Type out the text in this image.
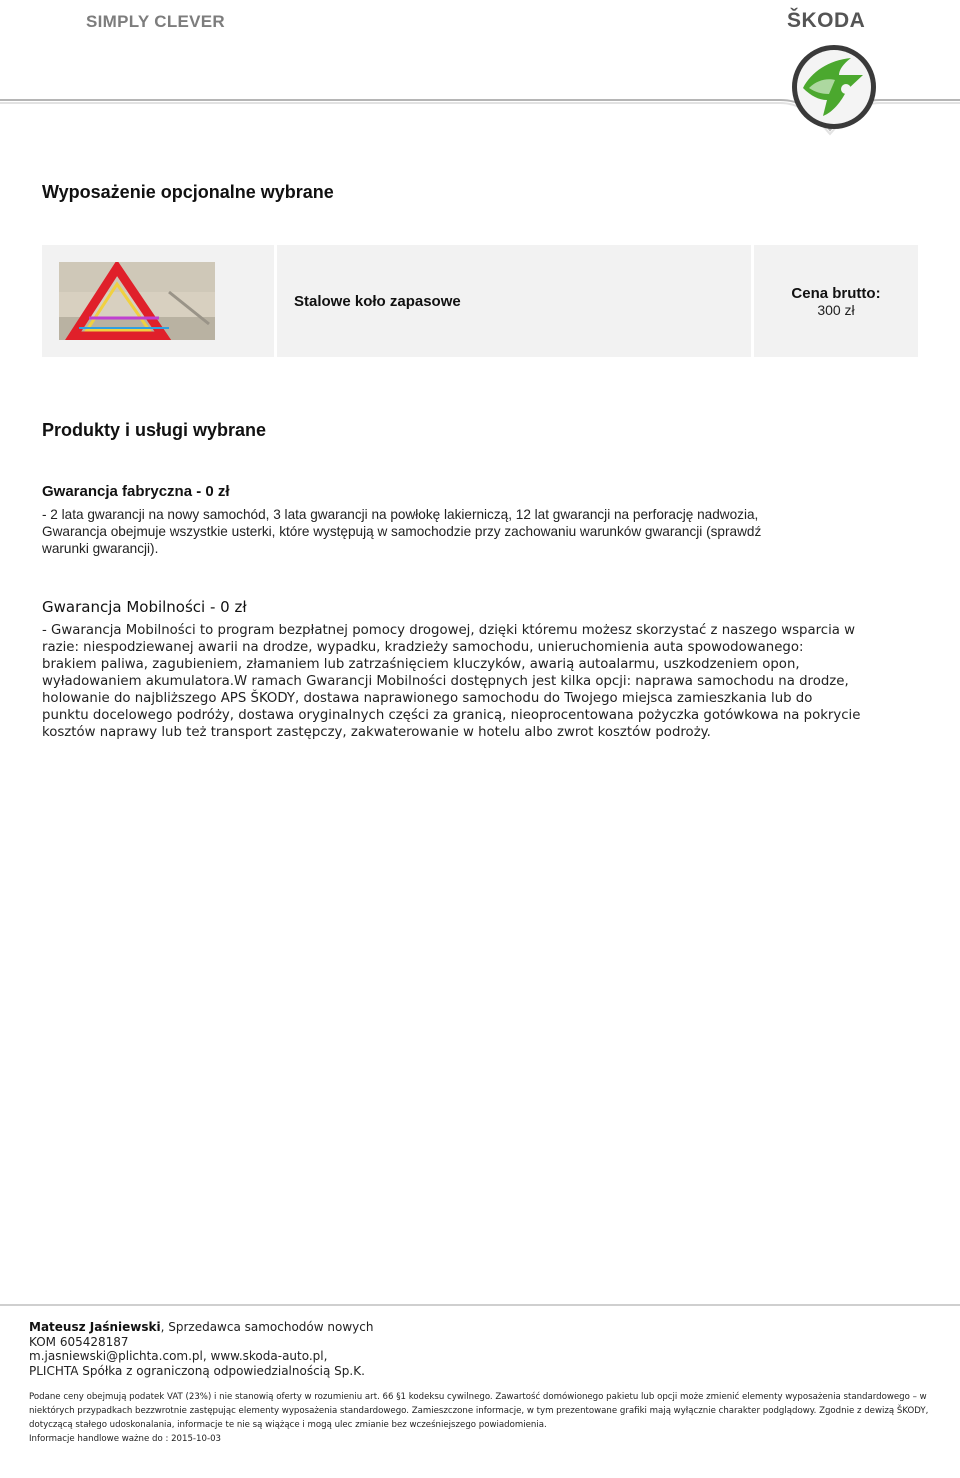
SIMPLY CLEVER	ŠKODA
Wyposażenie opcjonalne wybrane
Stalowe koło zapasowe	Cena brutto:
300 zł
Produkty i usługi wybrane
Gwarancja fabryczna - 0 zł

- 2 lata gwarancji na nowy samochód, 3 lata gwarancji na powłokę lakierniczą, 12 lat gwarancji na perforację nadwozia,
Gwarancja obejmuje wszystkie usterki, które występują w samochodzie przy zachowaniu warunków gwarancji (sprawdź
warunki gwarancji).

Gwarancja Mobilności - 0 zł

- Gwarancja Mobilności to program bezpłatnej pomocy drogowej, dzięki któremu możesz skorzystać z naszego wsparcia w
razie: niespodziewanej awarii na drodze, wypadku, kradzieży samochodu, unieruchomienia auta spowodowanego:
brakiem paliwa, zagubieniem, złamaniem lub zatrzaśnięciem kluczyków, awarią autoalarmu, uszkodzeniem opon,
wyładowaniem akumulatora.W ramach Gwarancji Mobilności dostępnych jest kilka opcji: naprawa samochodu na drodze,
holowanie do najbliższego APS ŠKODY, dostawa naprawionego samochodu do Twojego miejsca zamieszkania lub do
punktu docelowego podróży, dostawa oryginalnych części za granicą, nieoprocentowana pożyczka gotówkowa na pokrycie
kosztów naprawy lub też transport zastępczy, zakwaterowanie w hotelu albo zwrot kosztów podroży.

Mateusz Jaśniewski, Sprzedawca samochodów nowych
KOM 605428187
m.jasniewski@plichta.com.pl, www.skoda-auto.pl,
PLICHTA Spółka z ograniczoną odpowiedzialnością Sp.K.
Podane ceny obejmują podatek VAT (23%) i nie stanowią oferty w rozumieniu art. 66 §1 kodeksu cywilnego. Zawartość domówionego pakietu lub opcji może zmienić elementy wyposażenia standardowego – w
niektórych przypadkach bezzwrotnie zastępując elementy wyposażenia standardowego. Zamieszczone informacje, w tym prezentowane grafiki mają wyłącznie charakter podglądowy. Zgodnie z dewizą ŠKODY,
dotyczącą stałego udoskonalania, informacje te nie są wiążące i mogą ulec zmianie bez wcześniejszego powiadomienia.
Informacje handlowe ważne do : 2015-10-03
